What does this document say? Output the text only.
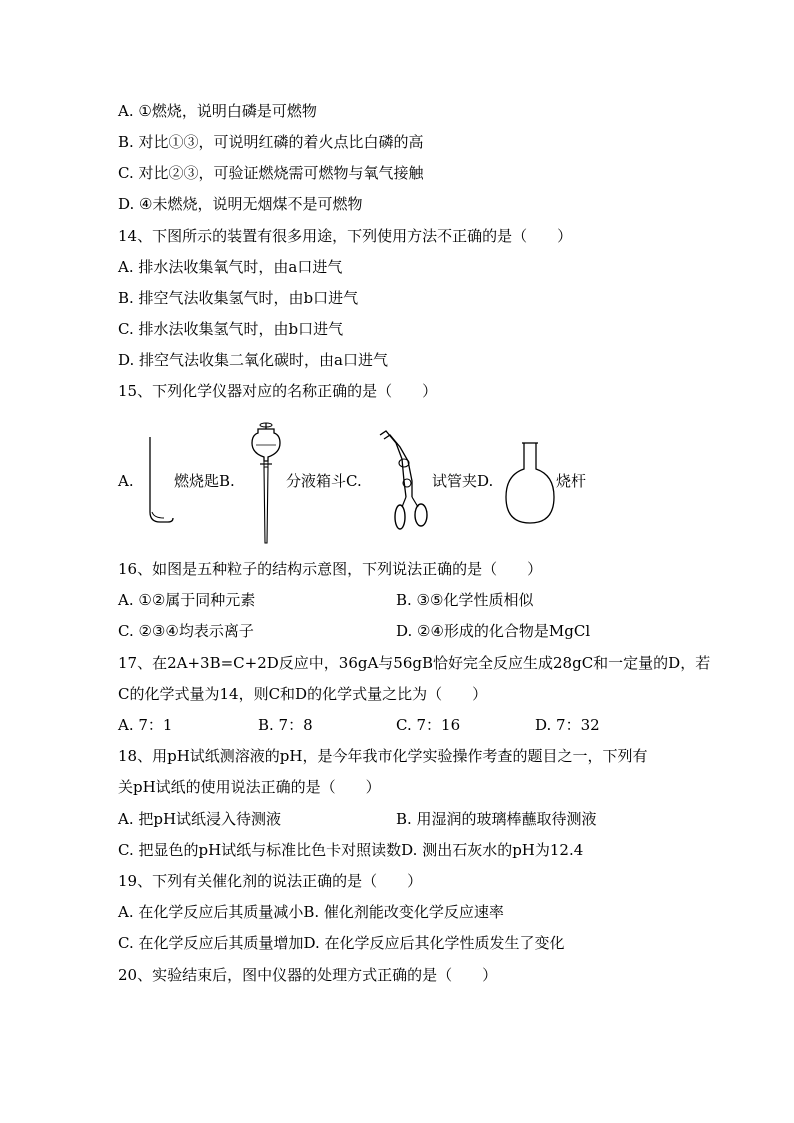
A. ①燃烧，说明白磷是可燃物
B. 对比①③，可说明红磷的着火点比白磷的高
C. 对比②③，可验证燃烧需可燃物与氧气接触
D. ④未燃烧，说明无烟煤不是可燃物
14、下图所示的装置有很多用途，下列使用方法不正确的是（　　）
A. 排水法收集氧气时，由a口进气
B. 排空气法收集氢气时，由b口进气
C. 排水法收集氢气时，由b口进气
D. 排空气法收集二氧化碳时，由a口进气
15、下列化学仪器对应的名称正确的是（　　）
A.	燃烧匙B.	分液箱斗C.	试管夹D.	烧杆
16、如图是五种粒子的结构示意图，下列说法正确的是（　　）
A. ①②属于同种元素	B. ③⑤化学性质相似
C. ②③④均表示离子	D. ②④形成的化合物是MgCl
17、在2A+3B=C+2D反应中，36gA与56gB恰好完全反应生成28gC和一定量的D，若
C的化学式量为14，则C和D的化学式量之比为（　　）
A. 7：1	B. 7：8	C. 7：16	D. 7：32
18、用pH试纸测溶液的pH，是今年我市化学实验操作考查的题目之一，下列有
关pH试纸的使用说法正确的是（　　）
A. 把pH试纸浸入待测液	B. 用湿润的玻璃棒蘸取待测液
C. 把显色的pH试纸与标准比色卡对照读数D. 测出石灰水的pH为12.4
19、下列有关催化剂的说法正确的是（　　）
A. 在化学反应后其质量减小B. 催化剂能改变化学反应速率
C. 在化学反应后其质量增加D. 在化学反应后其化学性质发生了变化
20、实验结束后，图中仪器的处理方式正确的是（　　）
